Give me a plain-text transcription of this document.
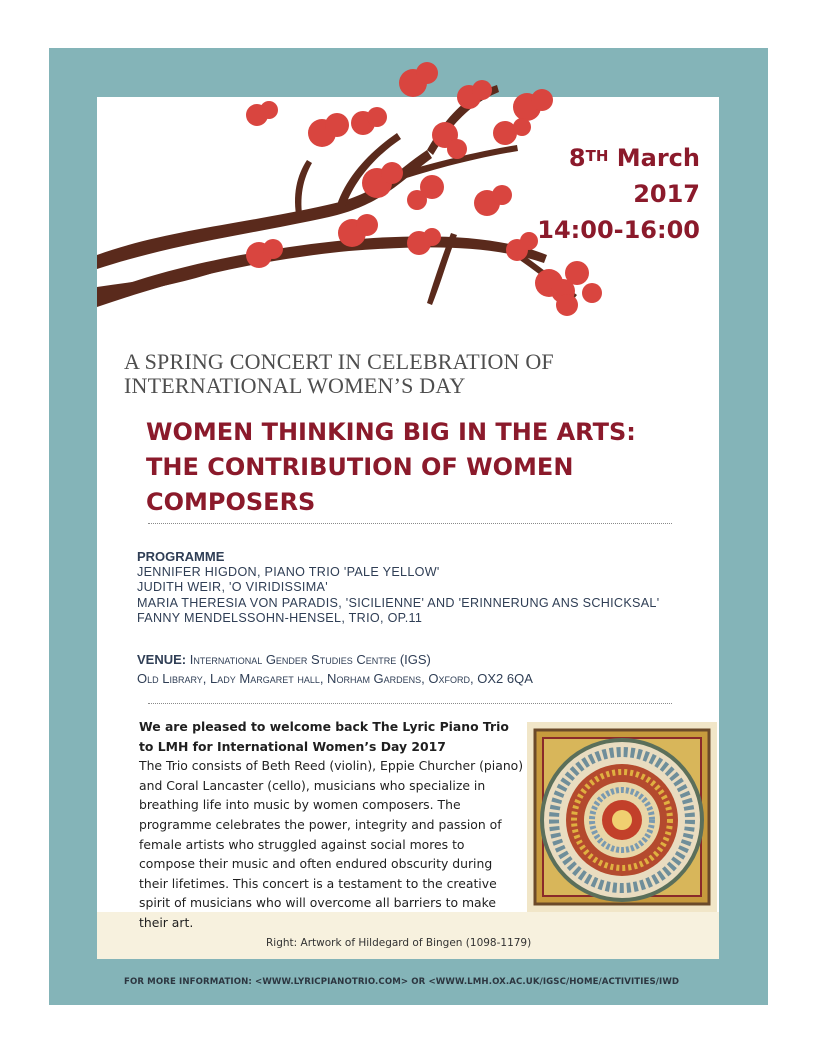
8TH March
2017
14:00-16:00
A SPRING CONCERT IN CELEBRATION OF
INTERNATIONAL WOMEN’S DAY
WOMEN THINKING BIG IN THE ARTS:
THE CONTRIBUTION OF WOMEN
COMPOSERS
PROGRAMME
JENNIFER HIGDON, PIANO TRIO 'PALE YELLOW'
JUDITH WEIR, 'O VIRIDISSIMA'
MARIA THERESIA VON PARADIS, 'SICILIENNE' AND 'ERINNERUNG ANS SCHICKSAL'
FANNY MENDELSSOHN-HENSEL, TRIO, OP.11
VENUE: International Gender Studies Centre (IGS)
Old Library, Lady Margaret hall, Norham Gardens, Oxford, OX2 6QA
We are pleased to welcome back The Lyric Piano Trio
to LMH for International Women’s Day 2017
The Trio consists of Beth Reed (violin), Eppie Churcher (piano) and Coral Lancaster (cello), musicians who specialize in breathing life into music by women composers. The programme celebrates the power, integrity and passion of female artists who struggled against social mores to compose their music and often endured obscurity during their lifetimes. This concert is a testament to the creative spirit of musicians who will overcome all barriers to make their art.
Right: Artwork of Hildegard of Bingen (1098-1179)
FOR MORE INFORMATION: <WWW.LYRICPIANOTRIO.COM> OR <WWW.LMH.OX.AC.UK/IGSC/HOME/ACTIVITIES/IWD
